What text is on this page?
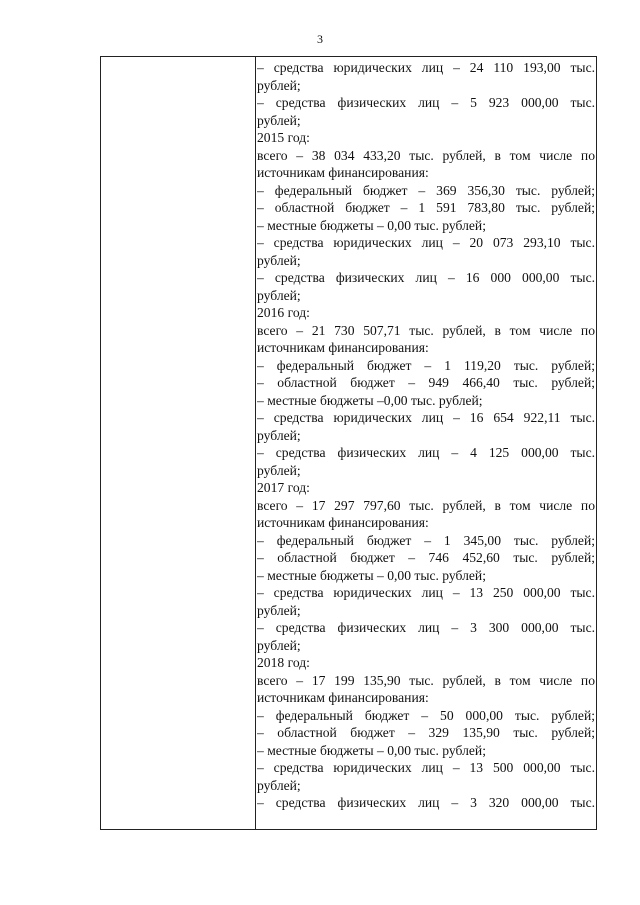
3
– средства юридических лиц – 24 110 193,00 тыс.
рублей;
– средства физических лиц – 5 923 000,00 тыс.
рублей;
2015 год:
всего – 38 034 433,20 тыс. рублей, в том числе по
источникам финансирования:
– федеральный бюджет – 369 356,30 тыс. рублей;
– областной бюджет – 1 591 783,80 тыс. рублей;
– местные бюджеты – 0,00 тыс. рублей;
– средства юридических лиц – 20 073 293,10 тыс.
рублей;
– средства физических лиц – 16 000 000,00 тыс.
рублей;
2016 год:
всего – 21 730 507,71 тыс. рублей, в том числе по
источникам финансирования:
– федеральный бюджет – 1 119,20 тыс. рублей;
– областной бюджет – 949 466,40 тыс. рублей;
– местные бюджеты –0,00 тыс. рублей;
– средства юридических лиц – 16 654 922,11 тыс.
рублей;
– средства физических лиц – 4 125 000,00 тыс.
рублей;
2017 год:
всего – 17 297 797,60 тыс. рублей, в том числе по
источникам финансирования:
– федеральный бюджет – 1 345,00 тыс. рублей;
– областной бюджет – 746 452,60 тыс. рублей;
– местные бюджеты – 0,00 тыс. рублей;
– средства юридических лиц – 13 250 000,00 тыс.
рублей;
– средства физических лиц – 3 300 000,00 тыс.
рублей;
2018 год:
всего – 17 199 135,90 тыс. рублей, в том числе по
источникам финансирования:
– федеральный бюджет – 50 000,00 тыс. рублей;
– областной бюджет – 329 135,90 тыс. рублей;
– местные бюджеты – 0,00 тыс. рублей;
– средства юридических лиц – 13 500 000,00 тыс.
рублей;
– средства физических лиц – 3 320 000,00 тыс.
